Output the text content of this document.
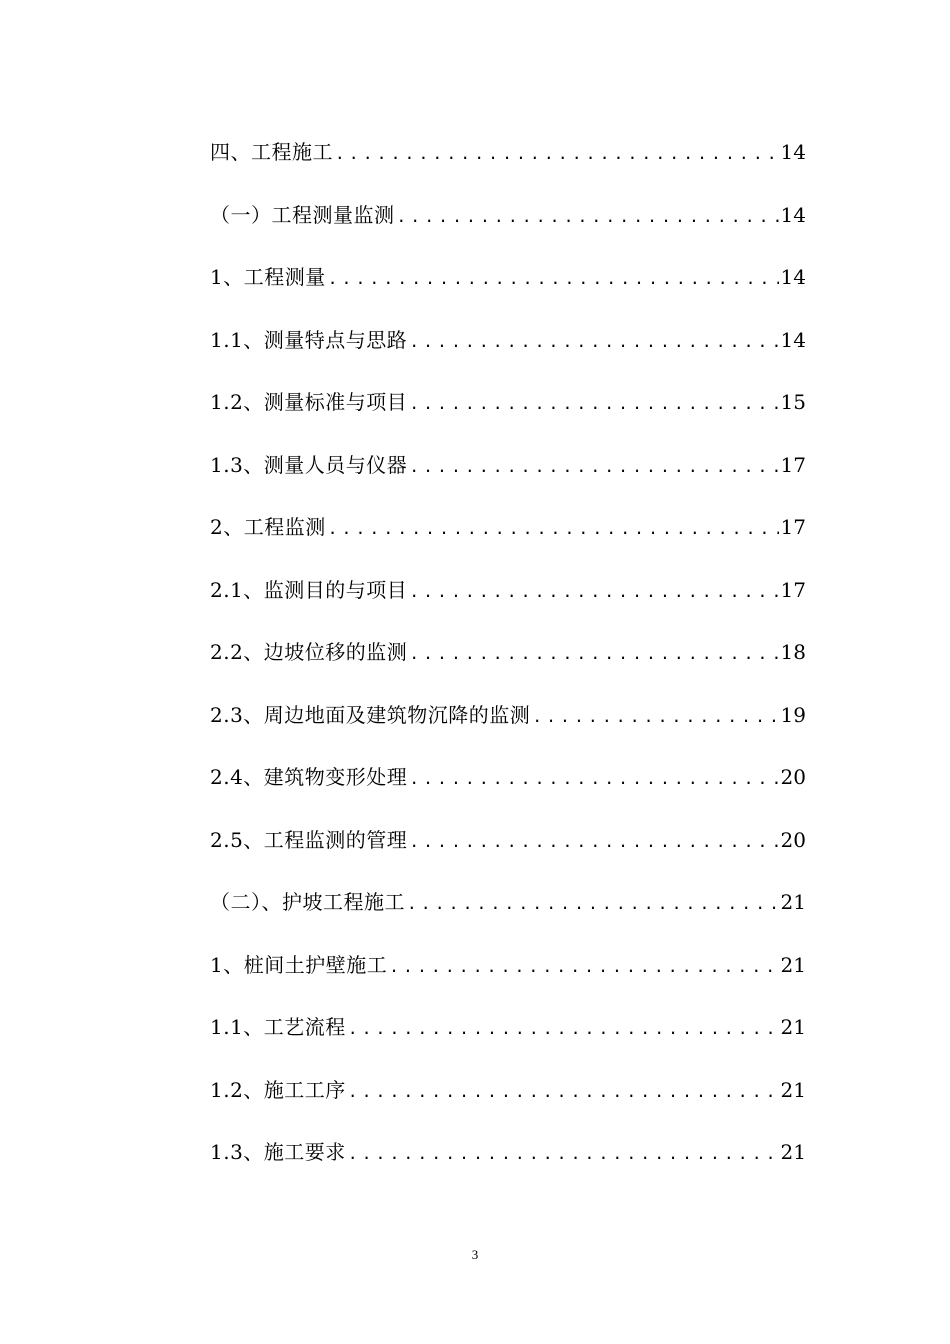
四、工程施工 .....	14
（一）工程测量监测 .....	14
1、工程测量 .....	14
1.1、测量特点与思路 .....	14
1.2、测量标准与项目 .....	15
1.3、测量人员与仪器 .....	17
2、工程监测 .....	17
2.1、监测目的与项目 .....	17
2.2、边坡位移的监测 .....	18
2.3、周边地面及建筑物沉降的监测 .....	19
2.4、建筑物变形处理 .....	20
2.5、工程监测的管理 .....	20
（二）、护坡工程施工 .....	21
1、桩间土护壁施工 .....	21
1.1、工艺流程 .....	21
1.2、施工工序 .....	21
1.3、施工要求 .....	21
3
